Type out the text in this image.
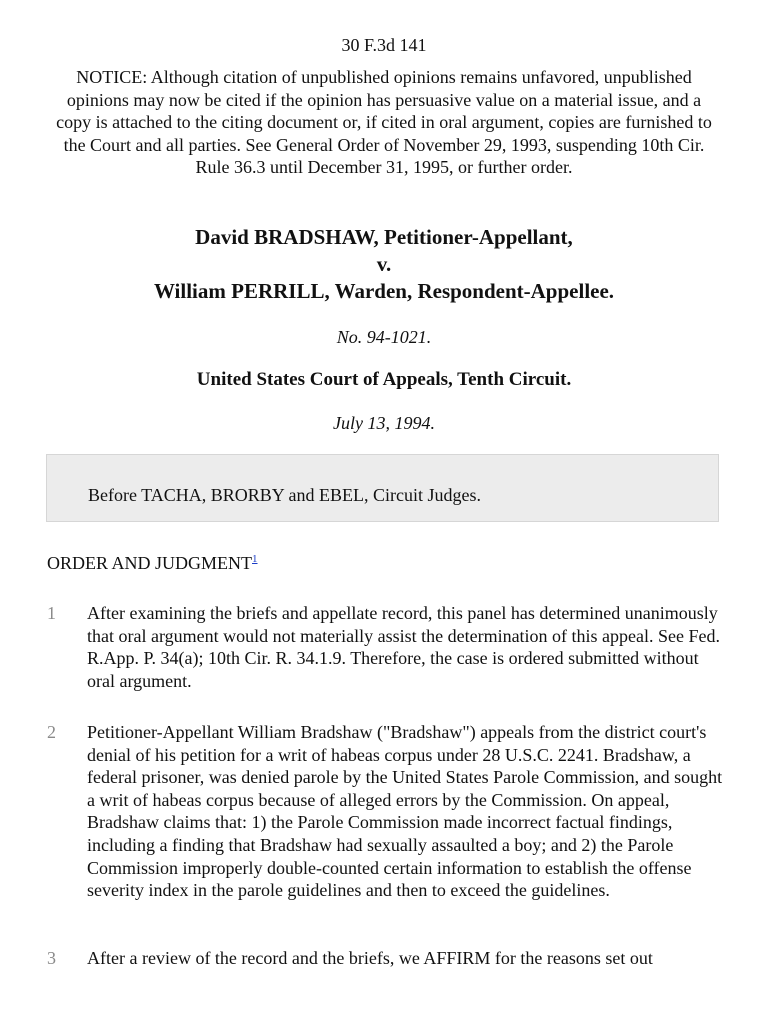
30 F.3d 141
NOTICE: Although citation of unpublished opinions remains unfavored, unpublished opinions may now be cited if the opinion has persuasive value on a material issue, and a copy is attached to the citing document or, if cited in oral argument, copies are furnished to the Court and all parties. See General Order of November 29, 1993, suspending 10th Cir. Rule 36.3 until December 31, 1995, or further order.
David BRADSHAW, Petitioner-Appellant,
v.
William PERRILL, Warden, Respondent-Appellee.
No. 94-1021.
United States Court of Appeals, Tenth Circuit.
July 13, 1994.
Before TACHA, BRORBY and EBEL, Circuit Judges.
ORDER AND JUDGMENT$^1$
1 After examining the briefs and appellate record, this panel has determined unanimously that oral argument would not materially assist the determination of this appeal. See Fed. R.App. P. 34(a); 10th Cir. R. 34.1.9. Therefore, the case is ordered submitted without oral argument.
2 Petitioner-Appellant William Bradshaw ("Bradshaw") appeals from the district court's denial of his petition for a writ of habeas corpus under 28 U.S.C. 2241. Bradshaw, a federal prisoner, was denied parole by the United States Parole Commission, and sought a writ of habeas corpus because of alleged errors by the Commission. On appeal, Bradshaw claims that: 1) the Parole Commission made incorrect factual findings, including a finding that Bradshaw had sexually assaulted a boy; and 2) the Parole Commission improperly double-counted certain information to establish the offense severity index in the parole guidelines and then to exceed the guidelines.
3 After a review of the record and the briefs, we AFFIRM for the reasons set out
